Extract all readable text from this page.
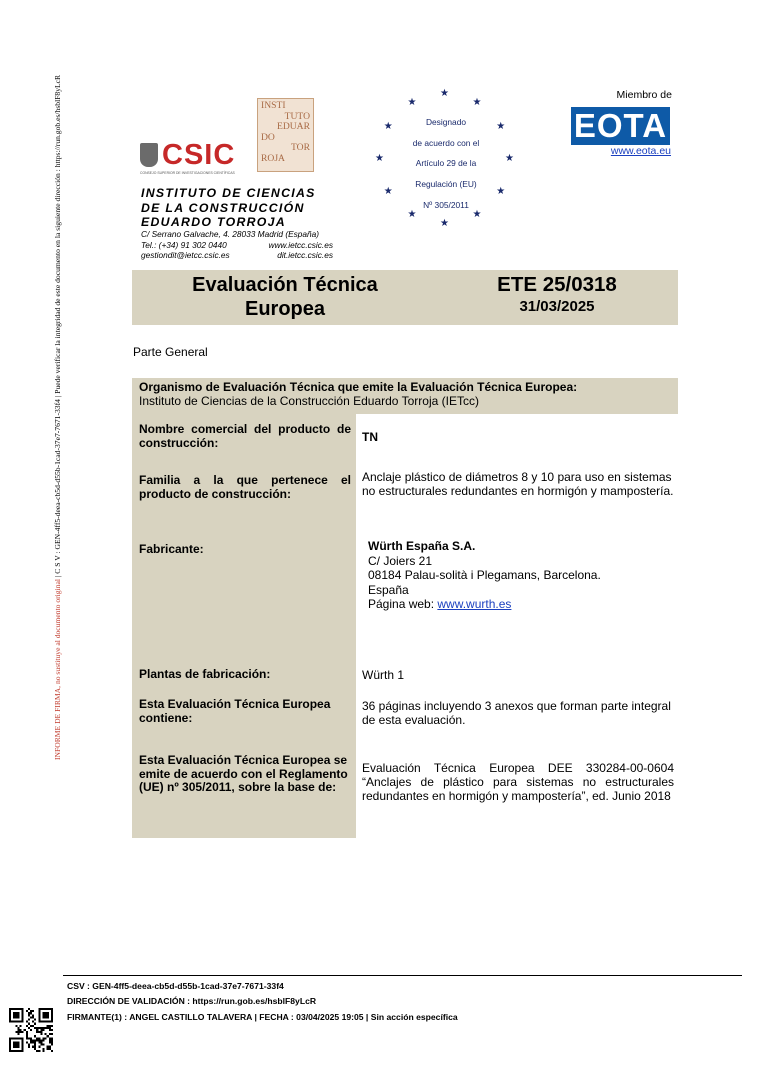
INFORME DE FIRMA, no sustituye al documento original | C S V : GEN-4ff5-deea-cb5d-d55b-1cad-37e7-7671-33f4 | Puede verificar la integridad de este documento en la siguiente dirección : https://run.gob.es/hsblF8yLcR	CSIC
CONSEJO SUPERIOR DE INVESTIGACIONES CIENTÍFICAS
INSTI
TUTO
EDUAR
DO
TOR
ROJA
INSTITUTO DE CIENCIAS
DE LA CONSTRUCCIÓN
EDUARDO TORROJA
C/ Serrano Galvache, 4. 28033 Madrid (España)
Tel.: (+34) 91 302 0440	www.ietcc.csic.es
gestiondit@ietcc.csic.es	dit.ietcc.csic.es
★
★
★
★
★
★
★
★
★
★
★
★
Designado
de acuerdo con el
Artículo 29 de la
Regulación (EU)
Nº 305/2011
Miembro de
EOTA
www.eota.eu
Evaluación Técnica
Europea
ETE 25/0318
31/03/2025
Parte General
Organismo de Evaluación Técnica que emite la Evaluación Técnica Europea:
Instituto de Ciencias de la Construcción Eduardo Torroja (IETcc)
Nombre comercial del producto de construcción:	TN
Familia a la que pertenece el producto de construcción:
Anclaje plástico de diámetros 8 y 10 para uso en sistemas no estructurales redundantes en hormigón y mampostería.
Fabricante:	Würth España S.A.
C/ Joiers 21
08184 Palau-solità i Plegamans, Barcelona.
España
Página web: www.wurth.es
Plantas de fabricación:	Würth 1
Esta Evaluación Técnica Europea contiene:
36 páginas incluyendo 3 anexos que forman parte integral de esta evaluación.
Esta Evaluación Técnica Europea se emite de acuerdo con el Reglamento (UE) nº 305/2011, sobre la base de:
Evaluación Técnica Europea DEE 330284-00-0604 “Anclajes de plástico para sistemas no estructurales redundantes en hormigón y mampostería”, ed. Junio 2018
CSV : GEN-4ff5-deea-cb5d-d55b-1cad-37e7-7671-33f4
DIRECCIÓN DE VALIDACIÓN : https://run.gob.es/hsblF8yLcR
FIRMANTE(1) : ANGEL CASTILLO TALAVERA | FECHA : 03/04/2025 19:05 | Sin acción específica
